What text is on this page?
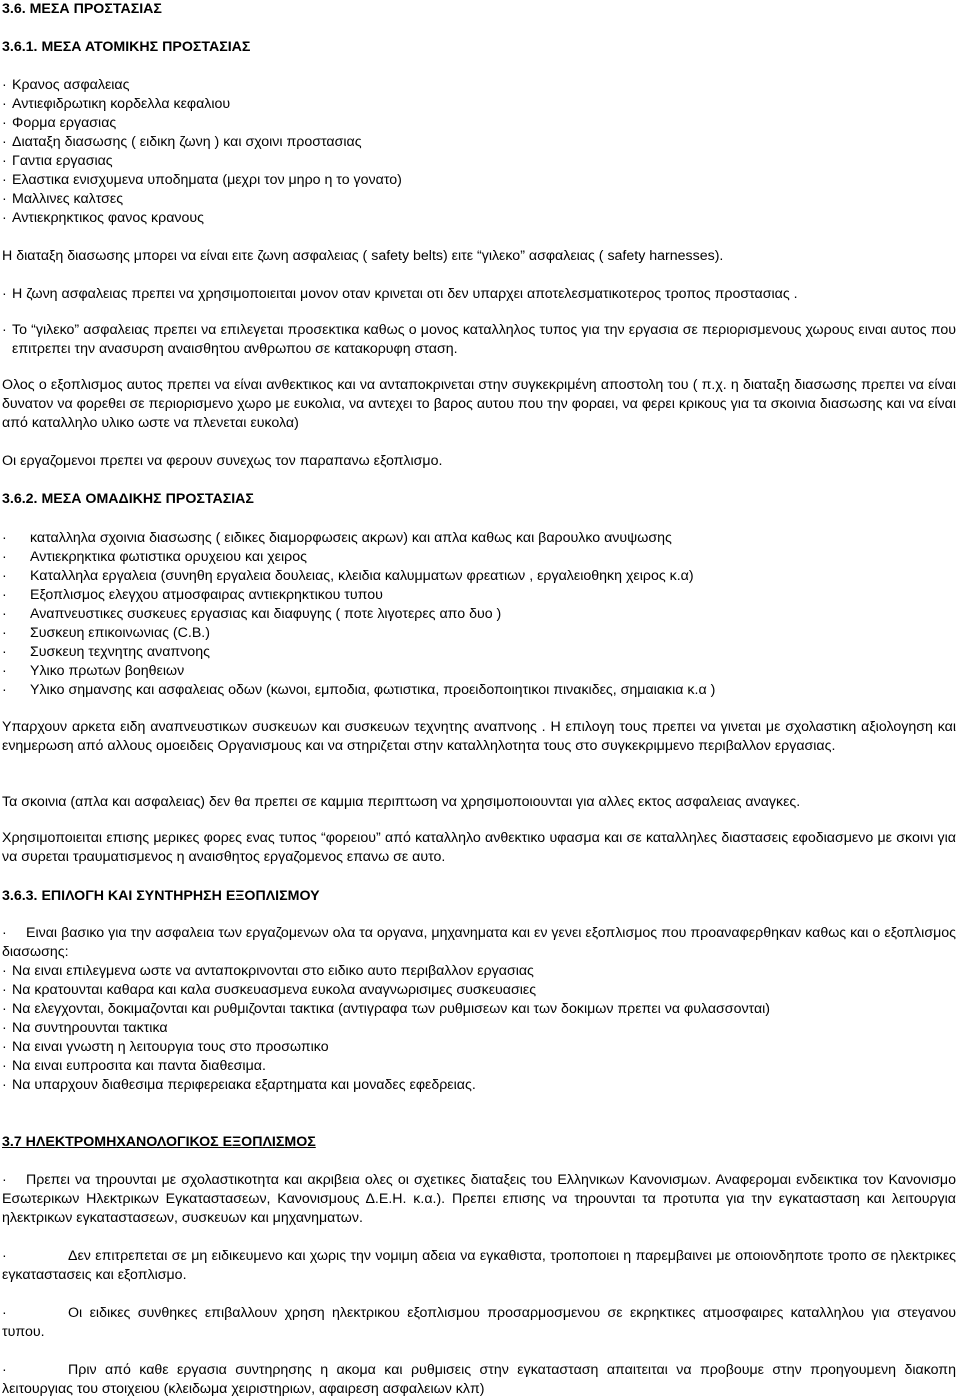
3.6. ΜΕΣΑ ΠΡΟΣΤΑΣΙΑΣ
3.6.1. ΜΕΣΑ ΑΤΟΜΙΚΗΣ ΠΡΟΣΤΑΣΙΑΣ
· Κρανος ασφαλειας
· Αντιεφιδρωτικη κορδελλα κεφαλιου
· Φορμα εργασιας
· Διαταξη διασωσης ( ειδικη ζωνη ) και σχοινι προστασιας
· Γαντια εργασιας
· Ελαστικα ενισχυμενα υποδηματα (μεχρι τον μηρο η το γονατο)
· Μαλλινες καλτσες
· Αντιεκρηκτικος φανος κρανους
Η διαταξη διασωσης μπορει να είναι ειτε ζωνη ασφαλειας ( safety belts) ειτε “γιλεκο” ασφαλειας ( safety harnesses).
· Η ζωνη ασφαλειας πρεπει να χρησιμοποιειται μονον οταν κρινεται οτι δεν υπαρχει αποτελεσματικοτερος τροπος προστασιας .
· Το “γιλεκο” ασφαλειας πρεπει να επιλεγεται προσεκτικα καθως ο μονος καταλληλος τυπος για την εργασια σε περιορισμενους χωρους ειναι αυτος που επιτρεπει την ανασυρση αναισθητου ανθρωπου σε κατακορυφη σταση.
Ολος ο εξοπλισμος αυτος πρεπει να είναι ανθεκτικος και να ανταποκρινεται στην συγκεκριμένη αποστολη του ( π.χ. η διαταξη διασωσης πρεπει να είναι δυνατον να φορεθει σε περιορισμενο χωρο με ευκολια, να αντεχει το βαρος αυτου που την φοραει, να φερει κρικους για τα σκοινια διασωσης και να είναι από καταλληλο υλικο ωστε να πλενεται ευκολα)
Οι εργαζομενοι πρεπει να φερουν συνεχως τον παραπανω εξοπλισμο.
3.6.2. ΜΕΣΑ ΟΜΑΔΙΚΗΣ ΠΡΟΣΤΑΣΙΑΣ
· καταλληλα σχοινια διασωσης ( ειδικες διαμορφωσεις ακρων) και απλα καθως και βαρουλκο ανυψωσης
· Αντιεκρηκτικα φωτιστικα ορυχειου και χειρος
· Καταλληλα εργαλεια (συνηθη εργαλεια δουλειας, κλειδια καλυμματων φρεατιων , εργαλειοθηκη χειρος κ.α)
· Εξοπλισμος ελεγχου ατμοσφαιρας αντιεκρηκτικου τυπου
· Αναπνευστικες συσκευες εργασιας και διαφυγης ( ποτε λιγοτερες απο δυο )
· Συσκευη επικοινωνιας (C.B.)
· Συσκευη τεχνητης αναπνοης
· Υλικο πρωτων βοηθειων
· Υλικο σημανσης και ασφαλειας οδων (κωνοι, εμποδια, φωτιστικα, προειδοποιητικοι πινακιδες, σημαιακια κ.α )
Υπαρχουν αρκετα ειδη αναπνευστικων συσκευων και συσκευων τεχνητης αναπνοης . Η επιλογη τους πρεπει να γινεται με σχολαστικη αξιολογηση και ενημερωση από αλλους ομοειδεις Οργανισμους και να στηριζεται στην καταλληλοτητα τους στο συγκεκριμμενο περιβαλλον εργασιας.
Τα σκοινια (απλα και ασφαλειας) δεν θα πρεπει σε καμμια περιπτωση να χρησιμοποιουνται για αλλες εκτος ασφαλειας αναγκες.
Χρησιμοποιειται επισης μερικες φορες ενας τυπος “φορειου” από καταλληλο ανθεκτικο υφασμα και σε καταλληλες διαστασεις εφοδιασμενο με σκοινι για να συρεται τραυματισμενος η αναισθητος εργαζομενος επανω σε αυτο.
3.6.3. ΕΠΙΛΟΓΗ ΚΑΙ ΣΥΝΤΗΡΗΣΗ ΕΞΟΠΛΙΣΜΟΥ
· Ειναι βασικο για την ασφαλεια των εργαζομενων ολα τα οργανα, μηχανηματα και εν γενει εξοπλισμος που προαναφερθηκαν καθως και ο εξοπλισμος διασωσης:
· Να ειναι επιλεγμενα ωστε να ανταποκρινονται στο ειδικο αυτο περιβαλλον εργασιας
· Να κρατουνται καθαρα και καλα συσκευασμενα ευκολα αναγνωρισιμες συσκευασιες
· Να ελεγχονται, δοκιμαζονται και ρυθμιζονται τακτικα (αντιγραφα των ρυθμισεων και των δοκιμων πρεπει να φυλασσονται)
· Να συντηρουνται τακτικα
· Να ειναι γνωστη η λειτουργια τους στο προσωπικο
· Να ειναι ευπροσιτα και παντα διαθεσιμα.
· Να υπαρχουν διαθεσιμα περιφερειακα εξαρτηματα και μοναδες εφεδρειας.
3.7 ΗΛΕΚΤΡΟΜΗΧΑΝΟΛΟΓΙΚΟΣ ΕΞΟΠΛΙΣΜΟΣ
· Πρεπει να τηρουνται με σχολαστικοτητα και ακριβεια ολες οι σχετικες διαταξεις του Ελληνικων Κανονισμων. Αναφερομαι ενδεικτικα τον Κανονισμο Εσωτερικων Ηλεκτρικων Εγκαταστασεων, Κανονισμους Δ.Ε.Η. κ.α.). Πρεπει επισης να τηρουνται τα προτυπα για την εγκατασταση και λειτουργια ηλεκτρικων εγκαταστασεων, συσκευων και μηχανηματων.
·	Δεν επιτρεπεται σε μη ειδικευμενο και χωρις την νομιμη αδεια να εγκαθιστα, τροποποιει η παρεμβαινει με οποιονδηποτε τροπο σε ηλεκτρικες εγκαταστασεις και εξοπλισμο.
·	Οι ειδικες συνθηκες επιβαλλουν χρηση ηλεκτρικου εξοπλισμου προσαρμοσμενου σε εκρηκτικες ατμοσφαιρες καταλληλου για στεγανου τυπου.
·	Πριν από καθε εργασια συντηρησης η ακομα και ρυθμισεις στην εγκατασταση απαιτειται να προβουμε στην προηγουμενη διακοπη λειτουργιας του στοιχειου (κλειδωμα χειριστηριων, αφαιρεση ασφαλειων κλπ)
